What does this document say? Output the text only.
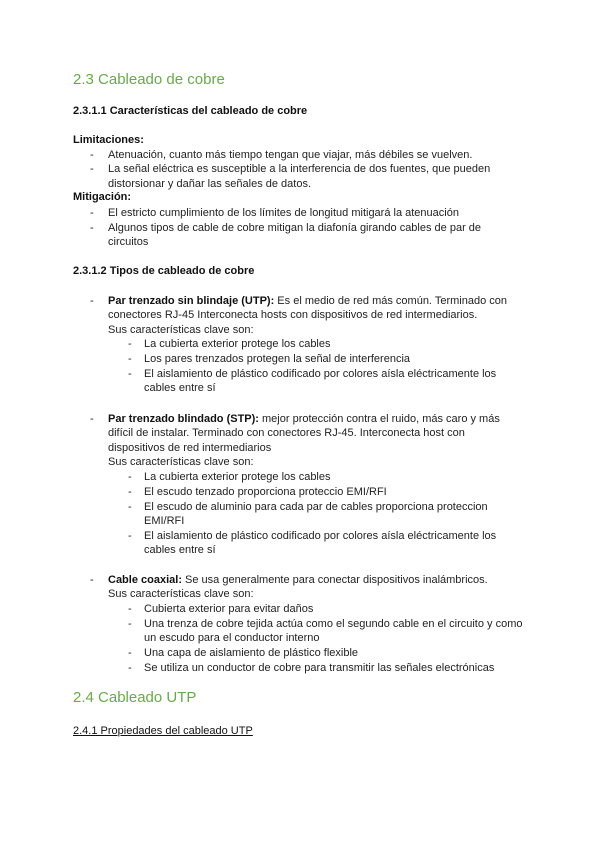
2.3 Cableado de cobre
2.3.1.1 Características del cableado de cobre
Limitaciones:
-	Atenuación, cuanto más tiempo tengan que viajar, más débiles se vuelven.
-	La señal eléctrica es susceptible a la interferencia de dos fuentes, que pueden
distorsionar y dañar las señales de datos.
Mitigación:
-	El estricto cumplimiento de los límites de longitud mitigará la atenuación
-	Algunos tipos de cable de cobre mitigan la diafonía girando cables de par de
circuitos
2.3.1.2 Tipos de cableado de cobre
-	Par trenzado sin blindaje (UTP): Es el medio de red más común. Terminado con
conectores RJ-45 Interconecta hosts con dispositivos de red intermediarios.
Sus características clave son:
-	La cubierta exterior protege los cables
-	Los pares trenzados protegen la señal de interferencia
-	El aislamiento de plástico codificado por colores aísla eléctricamente los
cables entre sí
-	Par trenzado blindado (STP): mejor protección contra el ruido, más caro y más
difícil de instalar. Terminado con conectores RJ-45. Interconecta host con
dispositivos de red intermediarios
Sus características clave son:
-	La cubierta exterior protege los cables
-	El escudo tenzado proporciona proteccio EMI/RFI
-	El escudo de aluminio para cada par de cables proporciona proteccion
EMI/RFI
-	El aislamiento de plástico codificado por colores aísla eléctricamente los
cables entre sí
-	Cable coaxial: Se usa generalmente para conectar dispositivos inalámbricos.
Sus características clave son:
-	Cubierta exterior para evitar daños
-	Una trenza de cobre tejida actúa como el segundo cable en el circuito y como
un escudo para el conductor interno
-	Una capa de aislamiento de plástico flexible
-	Se utiliza un conductor de cobre para transmitir las señales electrónicas
2.4 Cableado UTP
2.4.1 Propiedades del cableado UTP
